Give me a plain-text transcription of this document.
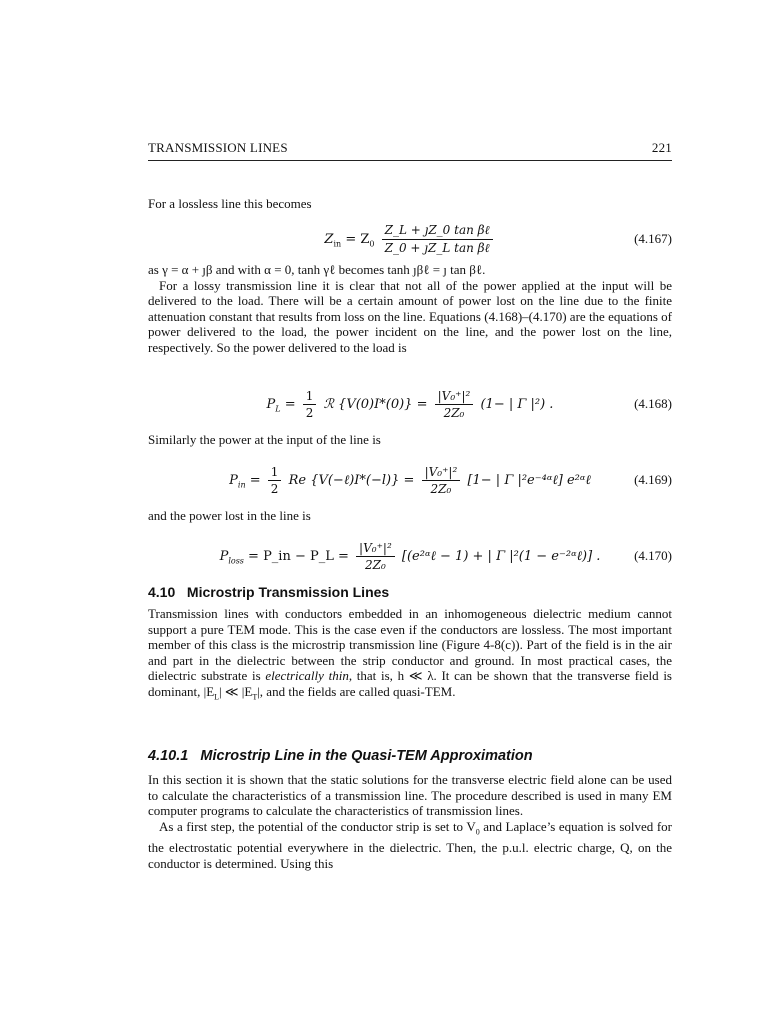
TRANSMISSION LINES	221

For a lossless line this becomes

$Z_{in} = Z_0 \frac{\text{Z\_L + ȷZ\_0 tan βℓ}}{\text{Z\_0 + ȷZ\_L tan βℓ}}$	(4.167)

as γ = α + ȷβ and with α = 0, tanh γℓ becomes tanh ȷβℓ = ȷ tan βℓ.

For a lossy transmission line it is clear that not all of the power applied at the input will be delivered to the load. There will be a certain amount of power lost on the line due to the finite attenuation constant that results from loss on the line. Equations (4.168)–(4.170) are the equations of power delivered to the load, the power incident on the line, and the power lost on the line, respectively. So the power delivered to the load is

$P_L = \frac{1}{2}$ ℛ $\{V(0)I*(0)\} = \frac{\text{|V₀⁺|²}}{\text{2Z₀}} (1-$ | Γ |²) .	(4.168)

Similarly the power at the input of the line is

$P_{in} = \frac{1}{2}$ Re {V(−ℓ)I*(−l)} = $\frac{\text{|V₀⁺|²}}{\text{2Z₀}} [1-$ | Γ |²e⁻⁴ᵅℓ] e²ᵅℓ	(4.169)

and the power lost in the line is

$P_{loss}$ = P_in − P_L = $\frac{\text{|V₀⁺|²}}{\text{2Z₀}}$ [(e²ᵅℓ − 1) + | Γ |²(1 − e⁻²ᵅℓ)] .	(4.170)
4.10 Microstrip Transmission Lines

Transmission lines with conductors embedded in an inhomogeneous dielectric medium cannot support a pure TEM mode. This is the case even if the conductors are lossless. The most important member of this class is the microstrip transmission line (Figure 4-8(c)). Part of the field is in the air and part in the dielectric between the strip conductor and ground. In most practical cases, the dielectric substrate is electrically thin, that is, h ≪ λ. It can be shown that the transverse field is dominant, $|E_L|$ ≪ $|E_T|$, and the fields are called quasi-TEM.

4.10.1 Microstrip Line in the Quasi-TEM Approximation

In this section it is shown that the static solutions for the transverse electric field alone can be used to calculate the characteristics of a transmission line. The procedure described is used in many EM computer programs to calculate the characteristics of transmission lines.

As a first step, the potential of the conductor strip is set to $V_0$ and Laplace’s equation is solved for the electrostatic potential everywhere in the dielectric. Then, the p.u.l. electric charge, Q, on the conductor is determined. Using this
